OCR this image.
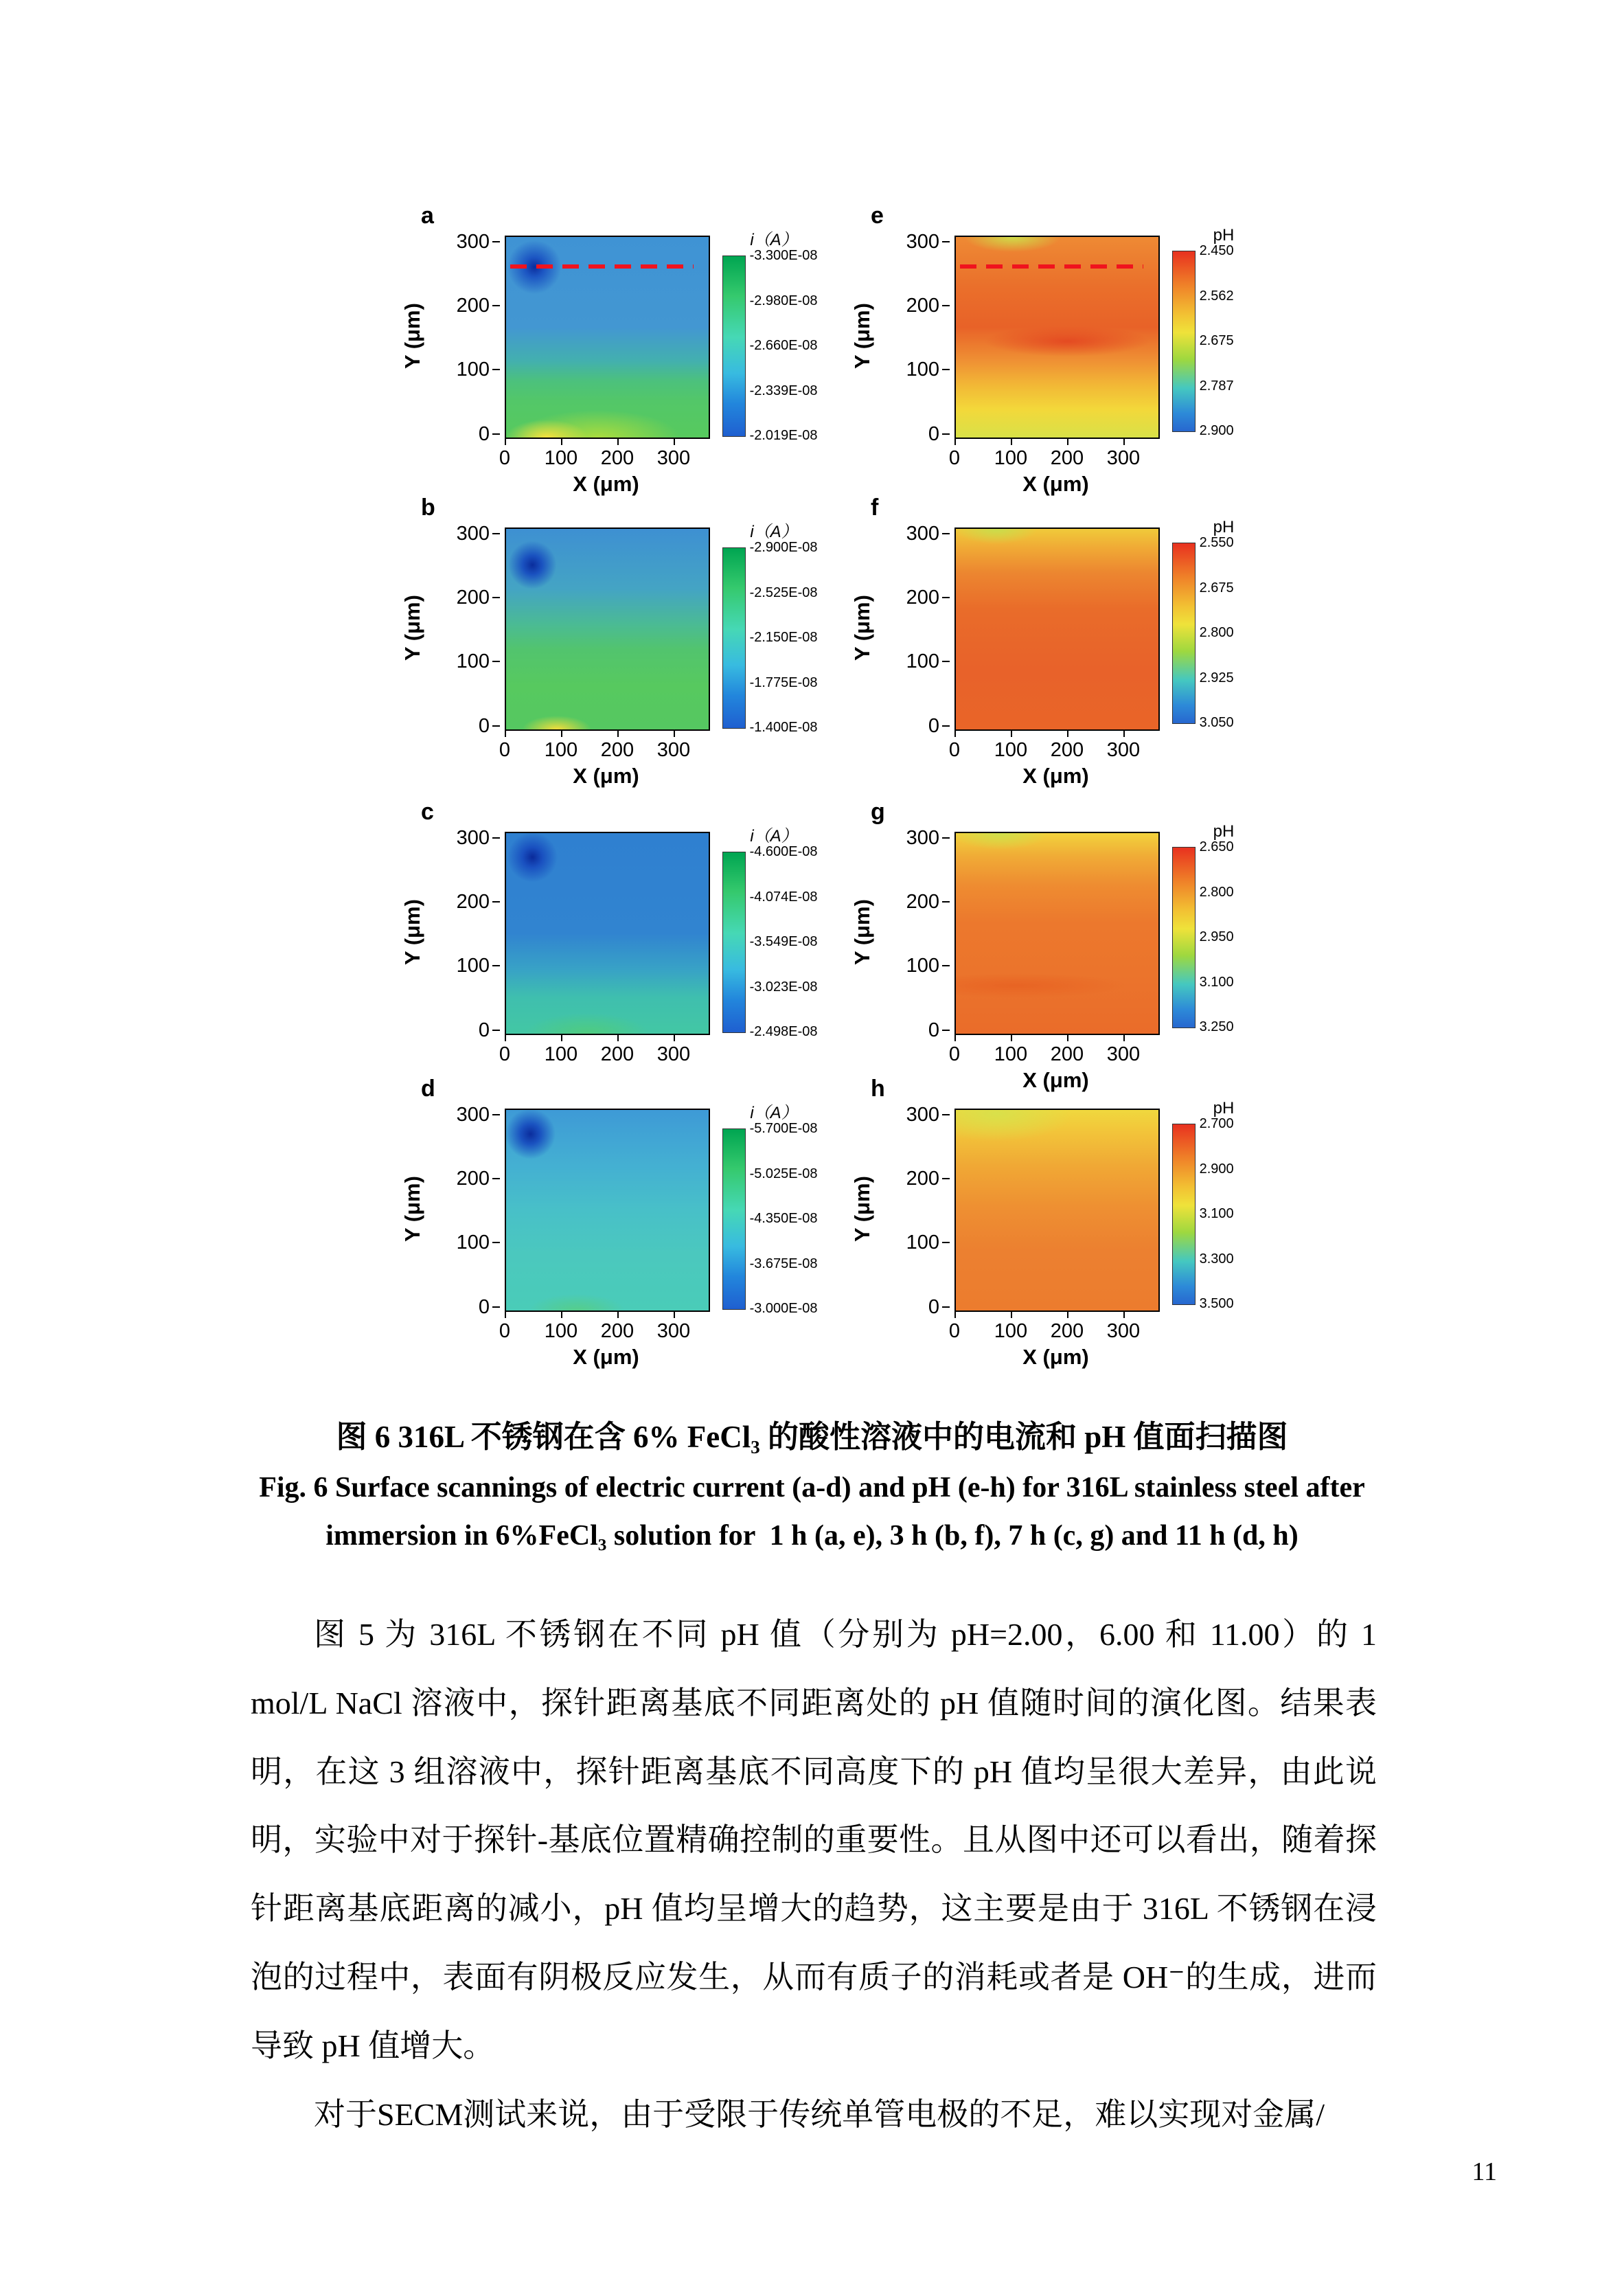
a
Y (μm)
300
200
100
0
i（A）
-3.300E-08
-2.980E-08
-2.660E-08
-2.339E-08
-2.019E-08
0	100	200	300
X (μm)
e
Y (μm)
300
200
100
0
pH
2.450
2.562
2.675
2.787
2.900
0	100	200	300
X (μm)
b
Y (μm)
300
200
100
0
i（A）
-2.900E-08
-2.525E-08
-2.150E-08
-1.775E-08
-1.400E-08
0	100	200	300
X (μm)
f
Y (μm)
300
200
100
0
pH
2.550
2.675
2.800
2.925
3.050
0	100	200	300
X (μm)
c
Y (μm)
300
200
100
0
i（A）
-4.600E-08
-4.074E-08
-3.549E-08
-3.023E-08
-2.498E-08
0	100	200	300
g
Y (μm)
300
200
100
0
pH
2.650
2.800
2.950
3.100
3.250
0	100	200	300
X (μm)
d
Y (μm)
300
200
100
0
i（A）
-5.700E-08
-5.025E-08
-4.350E-08
-3.675E-08
-3.000E-08
0	100	200	300
X (μm)
h
Y (μm)
300
200
100
0
pH
2.700
2.900
3.100
3.300
3.500
0	100	200	300
X (μm)
图 6 316L 不锈钢在含 6% FeCl₃ 的酸性溶液中的电流和 pH 值面扫描图
Fig. 6 Surface scannings of electric current (a-d) and pH (e-h) for 316L stainless steel after
immersion in 6%FeCl₃ solution for  1 h (a, e), 3 h (b, f), 7 h (c, g) and 11 h (d, h)

图 5 为 316L 不锈钢在不同 pH 值（分别为 pH=2.00，6.00 和 11.00）的 1 mol/L NaCl 溶液中，探针距离基底不同距离处的 pH 值随时间的演化图。结果表明，在这 3 组溶液中，探针距离基底不同高度下的 pH 值均呈很大差异，由此说明，实验中对于探针-基底位置精确控制的重要性。且从图中还可以看出，随着探针距离基底距离的减小，pH 值均呈增大的趋势，这主要是由于 316L 不锈钢在浸泡的过程中，表面有阴极反应发生，从而有质子的消耗或者是 OH⁻的生成，进而导致 pH 值增大。

对于SECM测试来说，由于受限于传统单管电极的不足，难以实现对金属/

11
